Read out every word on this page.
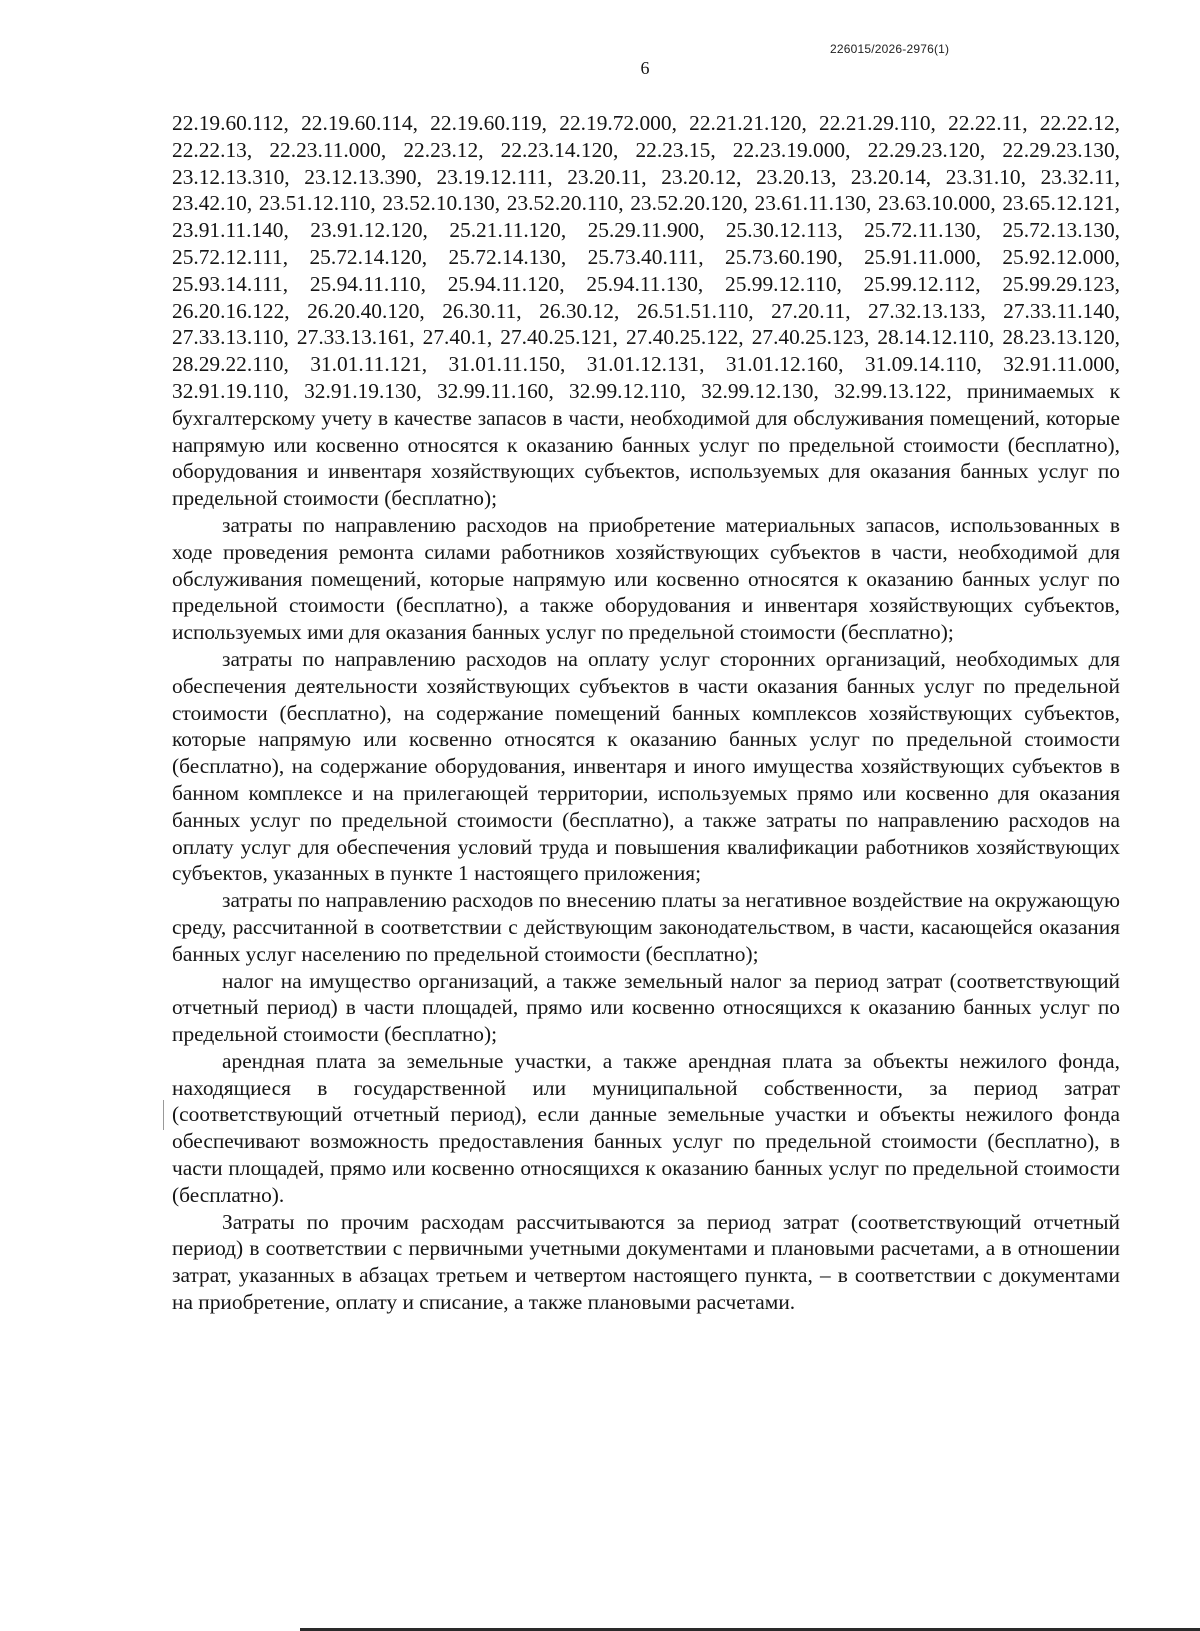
226015/2026-2976(1)
6

22.19.60.112, 22.19.60.114, 22.19.60.119, 22.19.72.000, 22.21.21.120, 22.21.29.110, 22.22.11, 22.22.12, 22.22.13, 22.23.11.000, 22.23.12, 22.23.14.120, 22.23.15, 22.23.19.000, 22.29.23.120, 22.29.23.130, 23.12.13.310, 23.12.13.390, 23.19.12.111, 23.20.11, 23.20.12, 23.20.13, 23.20.14, 23.31.10, 23.32.11, 23.42.10, 23.51.12.110, 23.52.10.130, 23.52.20.110, 23.52.20.120, 23.61.11.130, 23.63.10.000, 23.65.12.121, 23.91.11.140, 23.91.12.120, 25.21.11.120, 25.29.11.900, 25.30.12.113, 25.72.11.130, 25.72.13.130, 25.72.12.111, 25.72.14.120, 25.72.14.130, 25.73.40.111, 25.73.60.190, 25.91.11.000, 25.92.12.000, 25.93.14.111, 25.94.11.110, 25.94.11.120, 25.94.11.130, 25.99.12.110, 25.99.12.112, 25.99.29.123, 26.20.16.122, 26.20.40.120, 26.30.11, 26.30.12, 26.51.51.110, 27.20.11, 27.32.13.133, 27.33.11.140, 27.33.13.110, 27.33.13.161, 27.40.1, 27.40.25.121, 27.40.25.122, 27.40.25.123, 28.14.12.110, 28.23.13.120, 28.29.22.110, 31.01.11.121, 31.01.11.150, 31.01.12.131, 31.01.12.160, 31.09.14.110, 32.91.11.000, 32.91.19.110, 32.91.19.130, 32.99.11.160, 32.99.12.110, 32.99.12.130, 32.99.13.122, принимаемых к бухгалтерскому учету в качестве запасов в части, необходимой для обслуживания помещений, которые напрямую или косвенно относятся к оказанию банных услуг по предельной стоимости (бесплатно), оборудования и инвентаря хозяйствующих субъектов, используемых для оказания банных услуг по предельной стоимости (бесплатно);

затраты по направлению расходов на приобретение материальных запасов, использованных в ходе проведения ремонта силами работников хозяйствующих субъектов в части, необходимой для обслуживания помещений, которые напрямую или косвенно относятся к оказанию банных услуг по предельной стоимости (бесплатно), а также оборудования и инвентаря хозяйствующих субъектов, используемых ими для оказания банных услуг по предельной стоимости (бесплатно);

затраты по направлению расходов на оплату услуг сторонних организаций, необходимых для обеспечения деятельности хозяйствующих субъектов в части оказания банных услуг по предельной стоимости (бесплатно), на содержание помещений банных комплексов хозяйствующих субъектов, которые напрямую или косвенно относятся к оказанию банных услуг по предельной стоимости (бесплатно), на содержание оборудования, инвентаря и иного имущества хозяйствующих субъектов в банном комплексе и на прилегающей территории, используемых прямо или косвенно для оказания банных услуг по предельной стоимости (бесплатно), а также затраты по направлению расходов на оплату услуг для обеспечения условий труда и повышения квалификации работников хозяйствующих субъектов, указанных в пункте 1 настоящего приложения;

затраты по направлению расходов по внесению платы за негативное воздействие на окружающую среду, рассчитанной в соответствии с действующим законодательством, в части, касающейся оказания банных услуг населению по предельной стоимости (бесплатно);

налог на имущество организаций, а также земельный налог за период затрат (соответствующий отчетный период) в части площадей, прямо или косвенно относящихся к оказанию банных услуг по предельной стоимости (бесплатно);

арендная плата за земельные участки, а также арендная плата за объекты нежилого фонда, находящиеся в государственной или муниципальной собственности, за период затрат (соответствующий отчетный период), если данные земельные участки и объекты нежилого фонда обеспечивают возможность предоставления банных услуг по предельной стоимости (бесплатно), в части площадей, прямо или косвенно относящихся к оказанию банных услуг по предельной стоимости (бесплатно).

Затраты по прочим расходам рассчитываются за период затрат (соответствующий отчетный период) в соответствии с первичными учетными документами и плановыми расчетами, а в отношении затрат, указанных в абзацах третьем и четвертом настоящего пункта, – в соответствии с документами на приобретение, оплату и списание, а также плановыми расчетами.
